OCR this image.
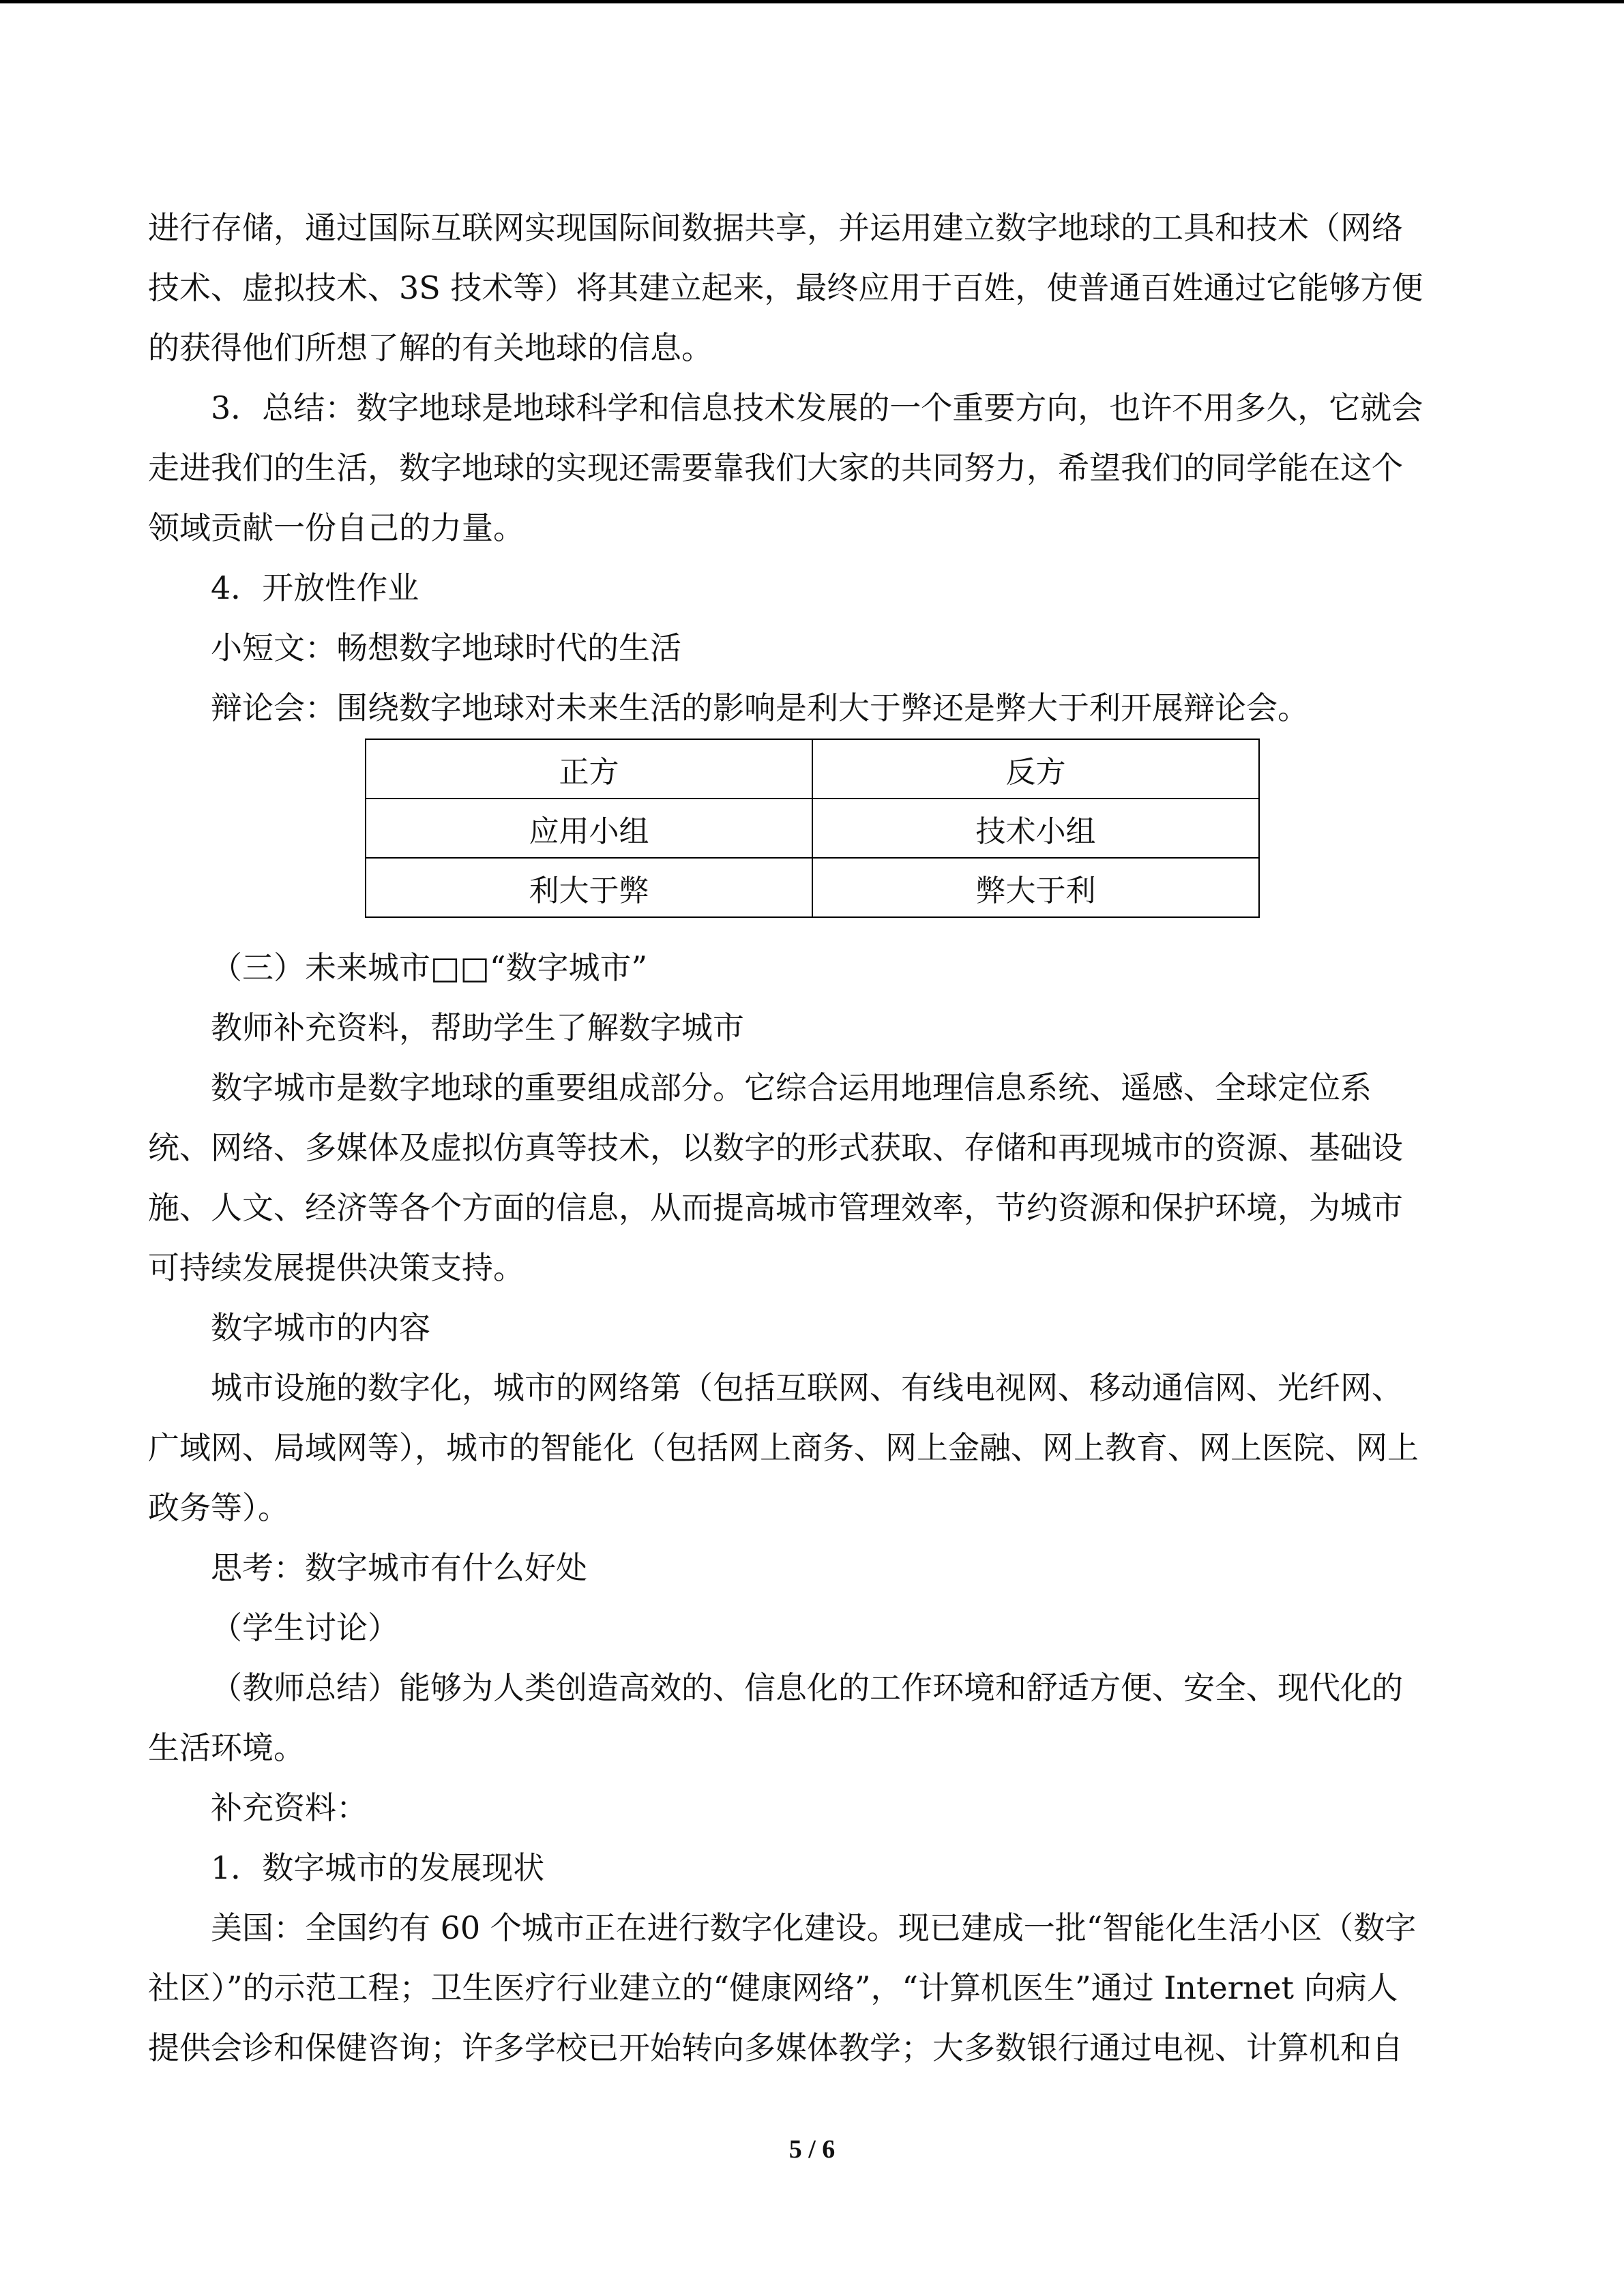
进行存储，通过国际互联网实现国际间数据共享，并运用建立数字地球的工具和技术（网络

技术、虚拟技术、3S 技术等）将其建立起来，最终应用于百姓，使普通百姓通过它能够方便

的获得他们所想了解的有关地球的信息。

3．总结：数字地球是地球科学和信息技术发展的一个重要方向，也许不用多久，它就会

走进我们的生活，数字地球的实现还需要靠我们大家的共同努力，希望我们的同学能在这个

领域贡献一份自己的力量。

4．开放性作业

小短文：畅想数字地球时代的生活

辩论会：围绕数字地球对未来生活的影响是利大于弊还是弊大于利开展辩论会。

正方	反方
应用小组	技术小组
利大于弊	弊大于利

（三）未来城市□□“数字城市”

教师补充资料，帮助学生了解数字城市

数字城市是数字地球的重要组成部分。它综合运用地理信息系统、遥感、全球定位系

统、网络、多媒体及虚拟仿真等技术，以数字的形式获取、存储和再现城市的资源、基础设

施、人文、经济等各个方面的信息，从而提高城市管理效率，节约资源和保护环境，为城市

可持续发展提供决策支持。

数字城市的内容

城市设施的数字化，城市的网络第（包括互联网、有线电视网、移动通信网、光纤网、

广域网、局域网等），城市的智能化（包括网上商务、网上金融、网上教育、网上医院、网上

政务等）。

思考：数字城市有什么好处

（学生讨论）

（教师总结）能够为人类创造高效的、信息化的工作环境和舒适方便、安全、现代化的

生活环境。

补充资料：

1．数字城市的发展现状

美国：全国约有 60 个城市正在进行数字化建设。现已建成一批“智能化生活小区（数字

社区）”的示范工程；卫生医疗行业建立的“健康网络”，“计算机医生”通过 Internet 向病人

提供会诊和保健咨询；许多学校已开始转向多媒体教学；大多数银行通过电视、计算机和自

5 / 6
